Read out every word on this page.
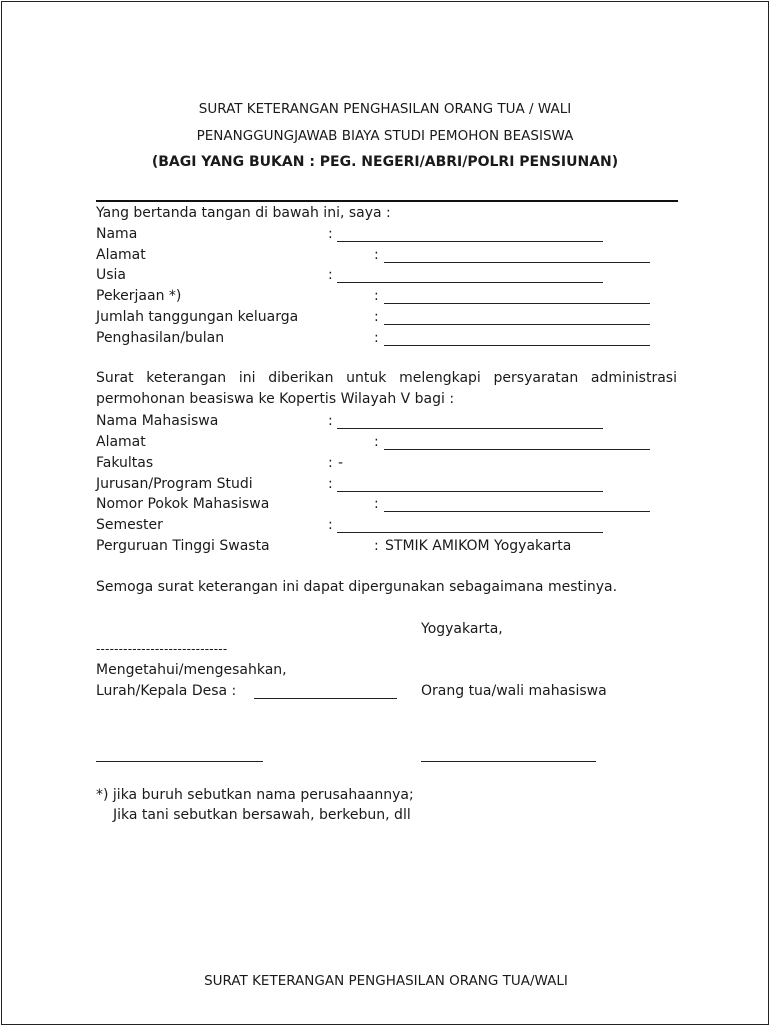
SURAT KETERANGAN PENGHASILAN ORANG TUA / WALI
PENANGGUNGJAWAB BIAYA STUDI PEMOHON BEASISWA
(BAGI YANG BUKAN : PEG. NEGERI/ABRI/POLRI PENSIUNAN)
Yang bertanda tangan di bawah ini, saya :
Nama	:
Alamat	:
Usia	:
Pekerjaan *)	:
Jumlah tanggungan keluarga	:
Penghasilan/bulan	:
Surat keterangan ini diberikan untuk melengkapi persyaratan administrasi permohonan beasiswa ke Kopertis Wilayah V bagi :
Nama Mahasiswa	:
Alamat	:
Fakultas	: -
Jurusan/Program Studi	:
Nomor Pokok Mahasiswa	:
Semester	:
Perguruan Tinggi Swasta	: STMIK AMIKOM Yogyakarta
Semoga surat keterangan ini dapat dipergunakan sebagaimana mestinya.
Yogyakarta,
-----------------------------
Mengetahui/mengesahkan,
Lurah/Kepala Desa :	Orang tua/wali mahasiswa
*) jika buruh sebutkan nama perusahaannya;
Jika tani sebutkan bersawah, berkebun, dll
SURAT KETERANGAN PENGHASILAN ORANG TUA/WALI
